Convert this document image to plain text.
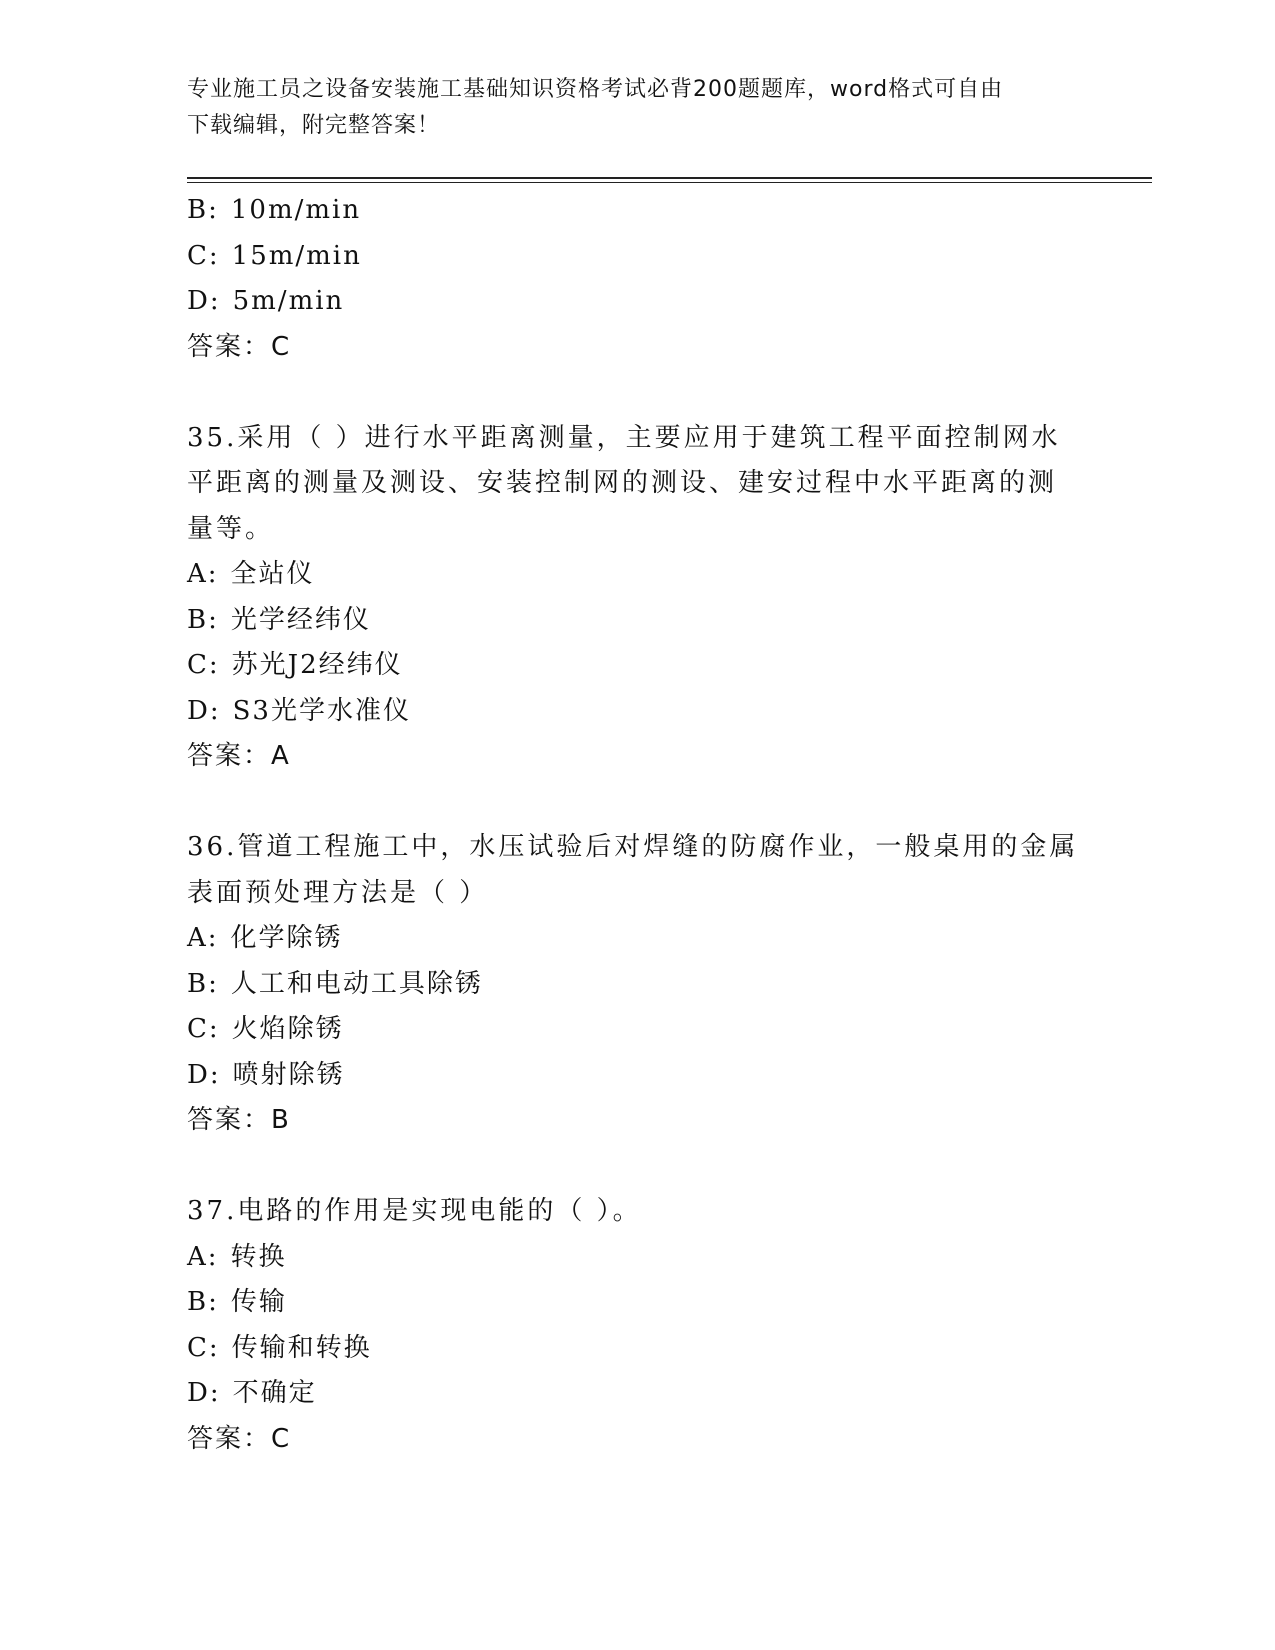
专业施工员之设备安装施工基础知识资格考试必背200题题库，word格式可自由
下载编辑，附完整答案！
B: 10m/min
C: 15m/min
D: 5m/min
答案：C
35.采用（ ）进行水平距离测量，主要应用于建筑工程平面控制网水
平距离的测量及测设、安装控制网的测设、建安过程中水平距离的测
量等。
A: 全站仪
B: 光学经纬仪
C: 苏光J2经纬仪
D: S3光学水准仪
答案：A
36.管道工程施工中，水压试验后对焊缝的防腐作业，一般桌用的金属
表面预处理方法是（ ）
A: 化学除锈
B: 人工和电动工具除锈
C: 火焰除锈
D: 喷射除锈
答案：B
37.电路的作用是实现电能的（ ）。
A: 转换
B: 传输
C: 传输和转换
D: 不确定
答案：C
